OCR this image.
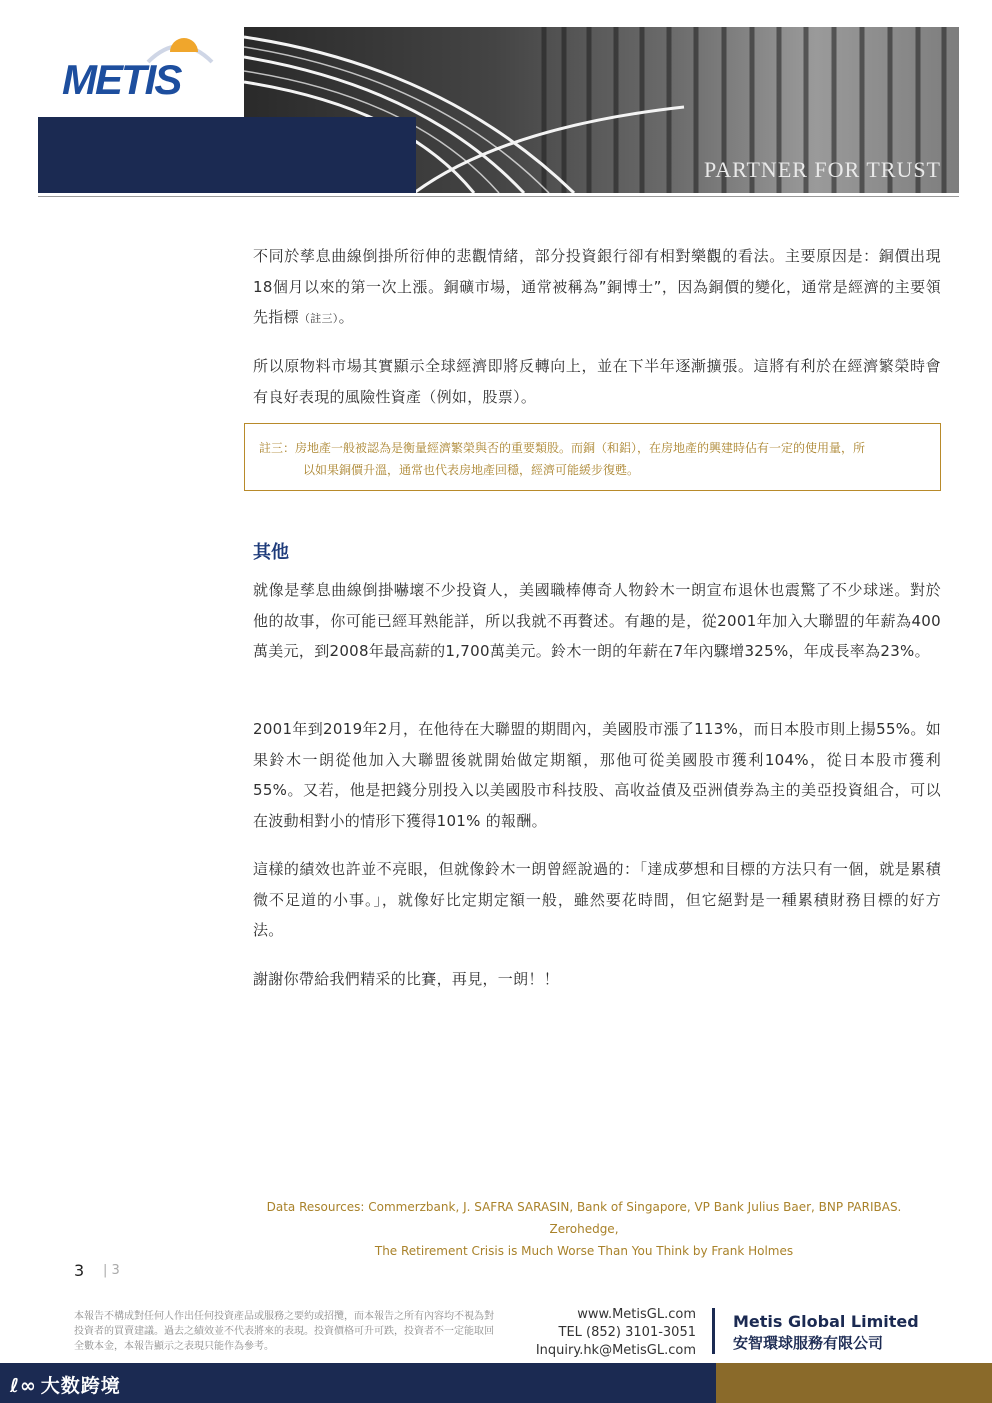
METIS
PARTNER FOR TRUST

不同於孳息曲線倒掛所衍伸的悲觀情緒，部分投資銀行卻有相對樂觀的看法。主要原因是：銅價出現18個月以來的第一次上漲。銅礦市場，通常被稱為”銅博士”，因為銅價的變化，通常是經濟的主要領先指標（註三）。

所以原物料市場其實顯示全球經濟即將反轉向上，並在下半年逐漸擴張。這將有利於在經濟繁榮時會有良好表現的風險性資產（例如，股票）。

註三：房地產一般被認為是衡量經濟繁榮與否的重要類股。而銅（和鋁），在房地產的興建時佔有一定的使用量，所
以如果銅價升溫，通常也代表房地產回穩，經濟可能緩步復甦。
其他

就像是孳息曲線倒掛嚇壞不少投資人，美國職棒傳奇人物鈴木一朗宣布退休也震驚了不少球迷。對於他的故事，你可能已經耳熟能詳，所以我就不再贅述。有趣的是，從2001年加入大聯盟的年薪為400萬美元，到2008年最高薪的1,700萬美元。鈴木一朗的年薪在7年內驟增325%，年成長率為23%。

2001年到2019年2月，在他待在大聯盟的期間內，美國股市漲了113%，而日本股市則上揚55%。如果鈴木一朗從他加入大聯盟後就開始做定期額，那他可從美國股市獲利104%，從日本股市獲利55%。又若，他是把錢分別投入以美國股市科技股、高收益債及亞洲債券為主的美亞投資組合，可以在波動相對小的情形下獲得101% 的報酬。

這樣的績效也許並不亮眼，但就像鈴木一朗曾經說過的：「達成夢想和目標的方法只有一個，就是累積微不足道的小事。」，就像好比定期定額一般，雖然要花時間，但它絕對是一種累積財務目標的好方法。

謝謝你帶給我們精采的比賽，再見，一朗！！

Data Resources: Commerzbank, J. SAFRA SARASIN, Bank of Singapore, VP Bank Julius Baer, BNP PARIBAS. Zerohedge,
The Retirement Crisis is Much Worse Than You Think by Frank Holmes
3 | 3
本報告不構成對任何人作出任何投資產品或服務之要約或招攬，而本報告之所有內容均不視為對投資者的買賣建議。過去之績效並不代表將來的表現。投資價格可升可跌，投資者不一定能取回全數本金，本報告顯示之表現只能作為參考。
www.MetisGL.com
TEL (852) 3101-3051
Inquiry.hk@MetisGL.com
Metis Global Limited
安智環球服務有限公司
ℓ∞ 大数跨境
